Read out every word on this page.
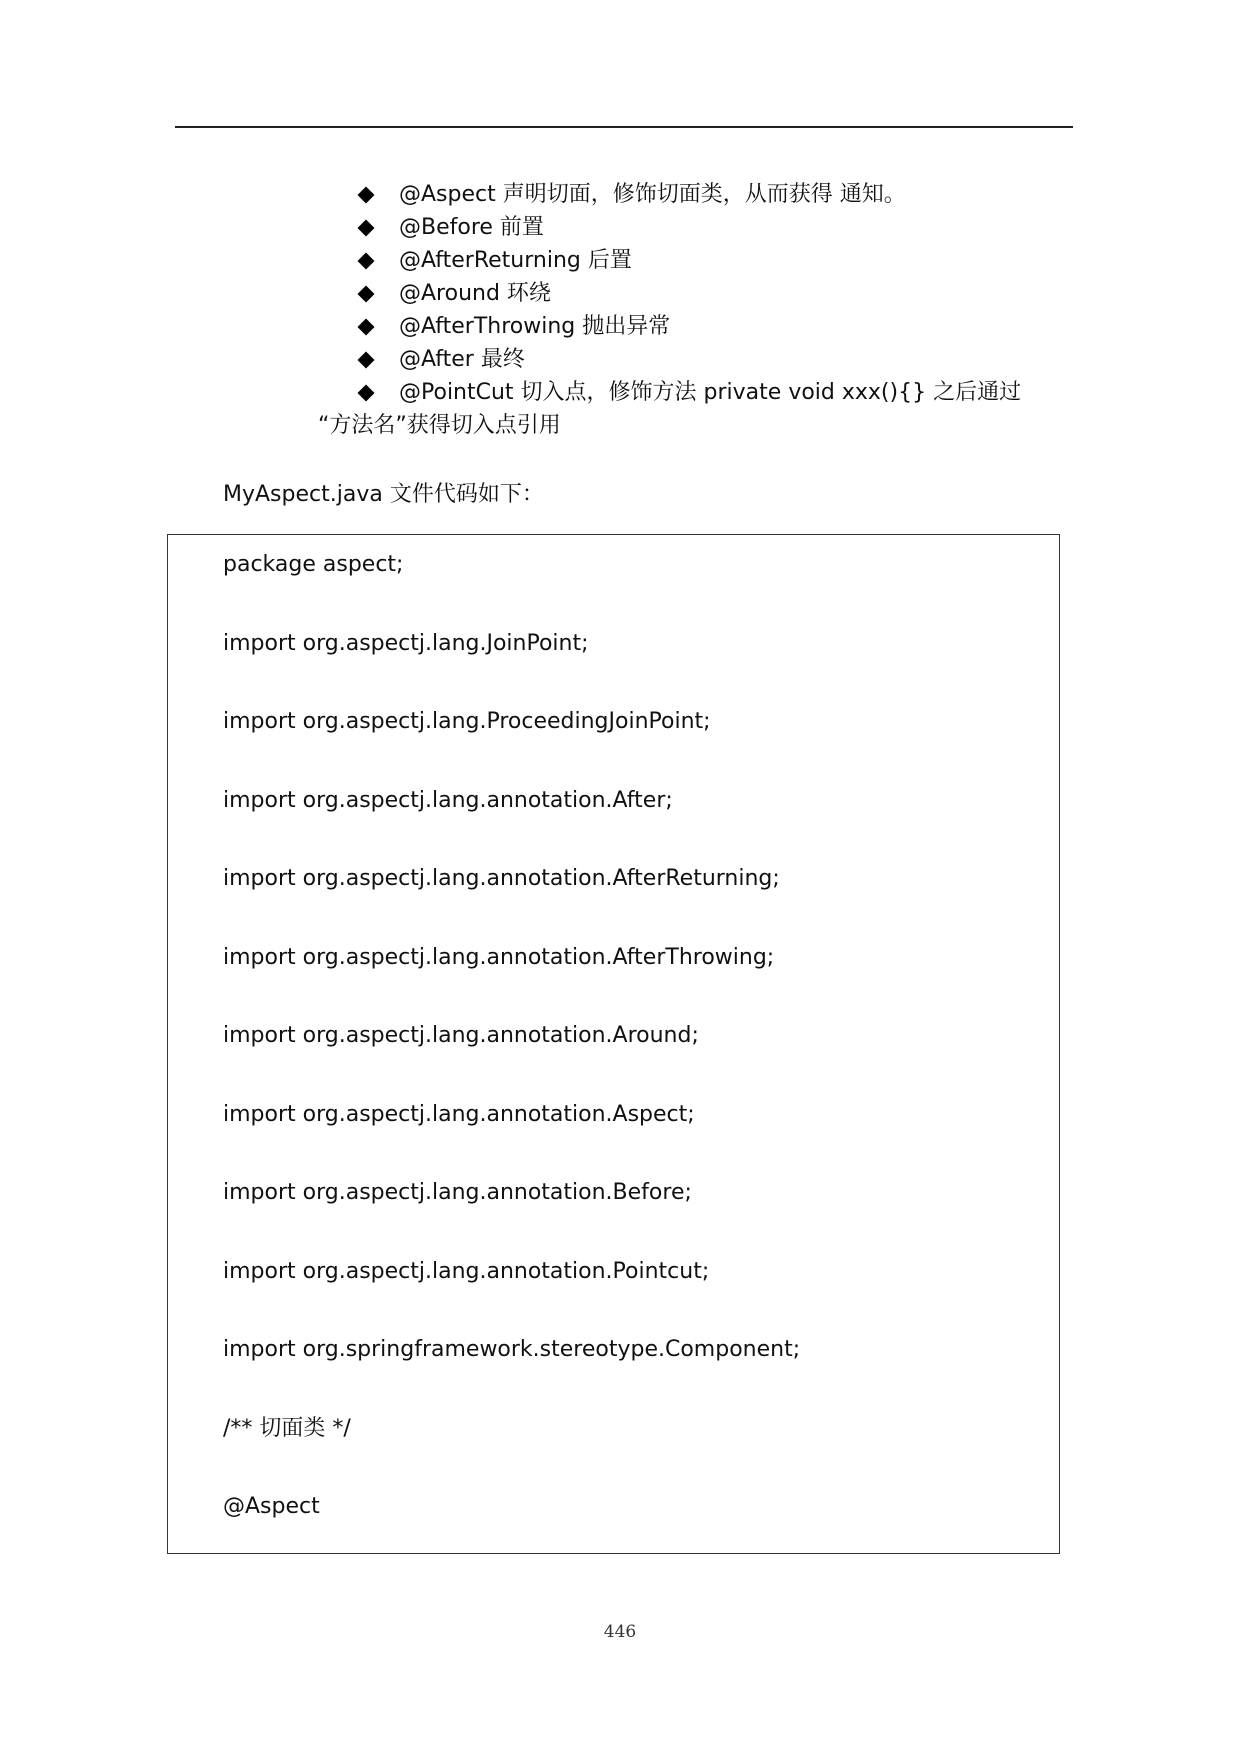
@Aspect 声明切面，修饰切面类，从而获得 通知。
@Before 前置
@AfterReturning 后置
@Around 环绕
@AfterThrowing 抛出异常
@After 最终
@PointCut 切入点，修饰方法 private void xxx(){} 之后通过
“方法名”获得切入点引用
MyAspect.java 文件代码如下：
package aspect;
import org.aspectj.lang.JoinPoint;
import org.aspectj.lang.ProceedingJoinPoint;
import org.aspectj.lang.annotation.After;
import org.aspectj.lang.annotation.AfterReturning;
import org.aspectj.lang.annotation.AfterThrowing;
import org.aspectj.lang.annotation.Around;
import org.aspectj.lang.annotation.Aspect;
import org.aspectj.lang.annotation.Before;
import org.aspectj.lang.annotation.Pointcut;
import org.springframework.stereotype.Component;
/** 切面类 */
@Aspect
446
